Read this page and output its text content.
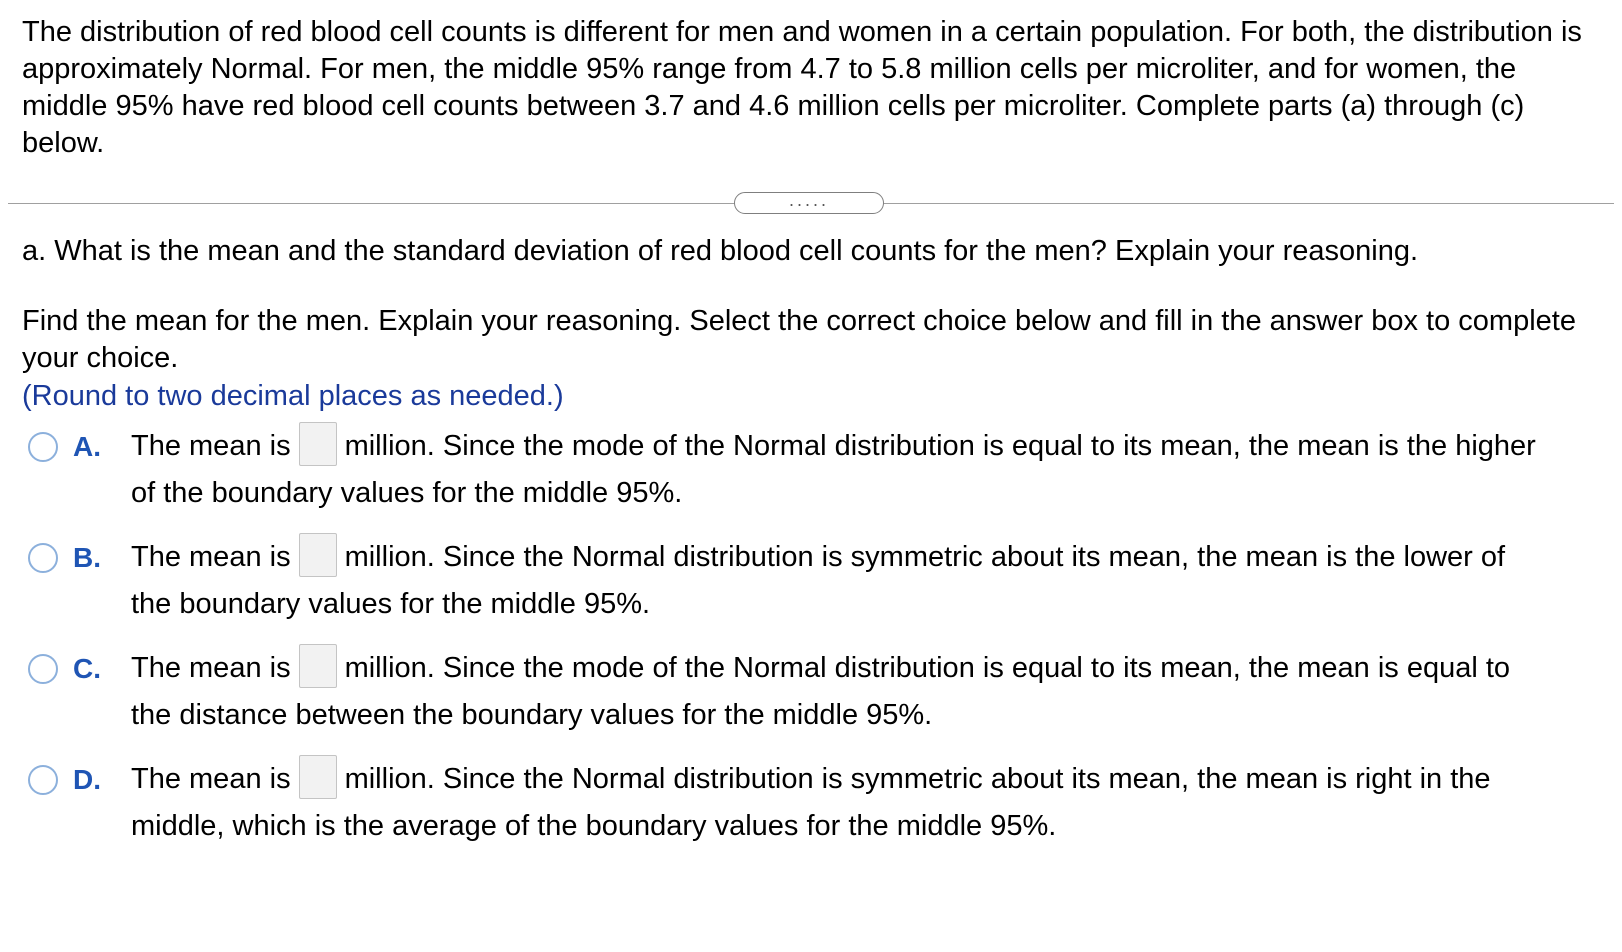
The distribution of red blood cell counts is different for men and women in a certain population. For both, the distribution is approximately Normal. For men, the middle 95% range from 4.7 to 5.8 million cells per microliter, and for women, the middle 95% have red blood cell counts between 3.7 and 4.6 million cells per microliter. Complete parts (a) through (c) below.

.....
a. What is the mean and the standard deviation of red blood cell counts for the men? Explain your reasoning.
Find the mean for the men. Explain your reasoning. Select the correct choice below and fill in the answer box to complete your choice.
(Round to two decimal places as needed.)
A. The mean is million. Since the mode of the Normal distribution is equal to its mean, the mean is the higher of the boundary values for the middle 95%.
B. The mean is million. Since the Normal distribution is symmetric about its mean, the mean is the lower of the boundary values for the middle 95%.
C. The mean is million. Since the mode of the Normal distribution is equal to its mean, the mean is equal to the distance between the boundary values for the middle 95%.
D. The mean is million. Since the Normal distribution is symmetric about its mean, the mean is right in the middle, which is the average of the boundary values for the middle 95%.
